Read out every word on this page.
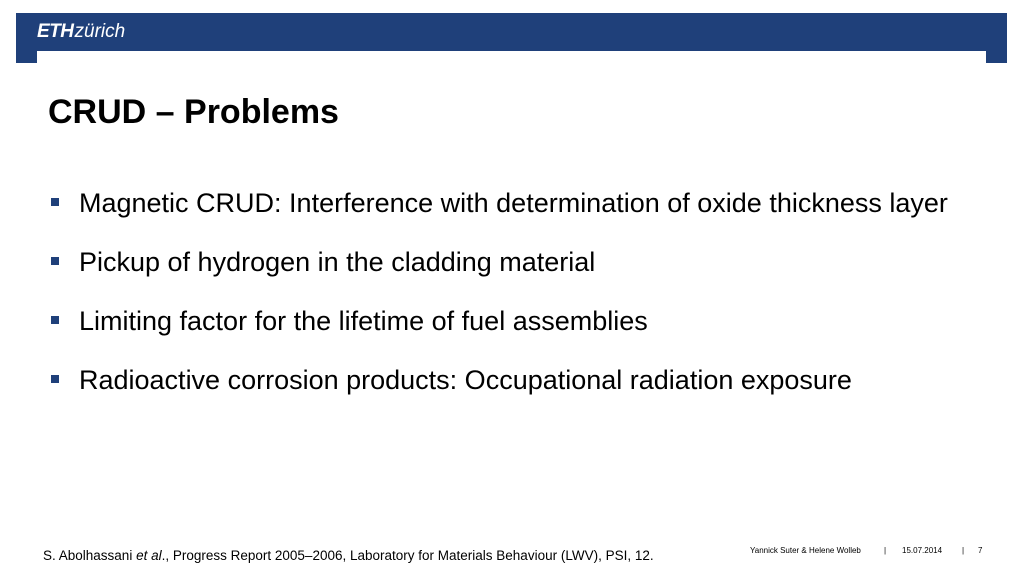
ETHzürich
CRUD – Problems
Magnetic CRUD: Interference with determination of oxide thickness layer
Pickup of hydrogen in the cladding material
Limiting factor for the lifetime of fuel assemblies
Radioactive corrosion products: Occupational radiation exposure
S. Abolhassani et al., Progress Report 2005–2006, Laboratory for Materials Behaviour (LWV), PSI, 12.	Yannick Suter & Helene Wolleb	| 15.07.2014 | 7
